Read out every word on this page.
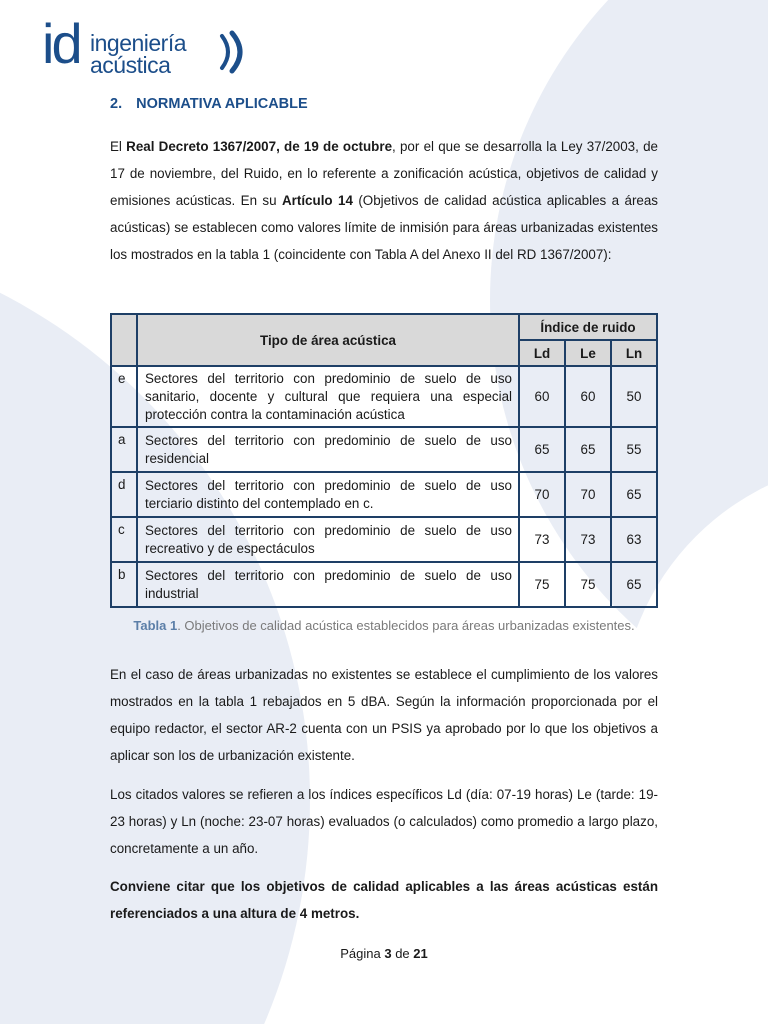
id ingeniería
acústica
2. NORMATIVA APLICABLE

El Real Decreto 1367/2007, de 19 de octubre, por el que se desarrolla la Ley 37/2003, de 17 de noviembre, del Ruido, en lo referente a zonificación acústica, objetivos de calidad y emisiones acústicas. En su Artículo 14 (Objetivos de calidad acústica aplicables a áreas acústicas) se establecen como valores límite de inmisión para áreas urbanizadas existentes los mostrados en la tabla 1 (coincidente con Tabla A del Anexo II del RD 1367/2007):

	Tipo de área acústica	Índice de ruido		
		Ld	Le	Ln
e	Sectores del territorio con predominio de suelo de uso sanitario, docente y cultural que requiera una especial protección contra la contaminación acústica	60	60	50
a	Sectores del territorio con predominio de suelo de uso residencial	65	65	55
d	Sectores del territorio con predominio de suelo de uso terciario distinto del contemplado en c.	70	70	65
c	Sectores del territorio con predominio de suelo de uso recreativo y de espectáculos	73	73	63
b	Sectores del territorio con predominio de suelo de uso industrial	75	75	65
Tabla 1. Objetivos de calidad acústica establecidos para áreas urbanizadas existentes.

En el caso de áreas urbanizadas no existentes se establece el cumplimiento de los valores mostrados en la tabla 1 rebajados en 5 dBA. Según la información proporcionada por el equipo redactor, el sector AR-2 cuenta con un PSIS ya aprobado por lo que los objetivos a aplicar son los de urbanización existente.

Los citados valores se refieren a los índices específicos Ld (día: 07-19 horas) Le (tarde: 19-23 horas) y Ln (noche: 23-07 horas) evaluados (o calculados) como promedio a largo plazo, concretamente a un año.

Conviene citar que los objetivos de calidad aplicables a las áreas acústicas están referenciados a una altura de 4 metros.

Página 3 de 21
